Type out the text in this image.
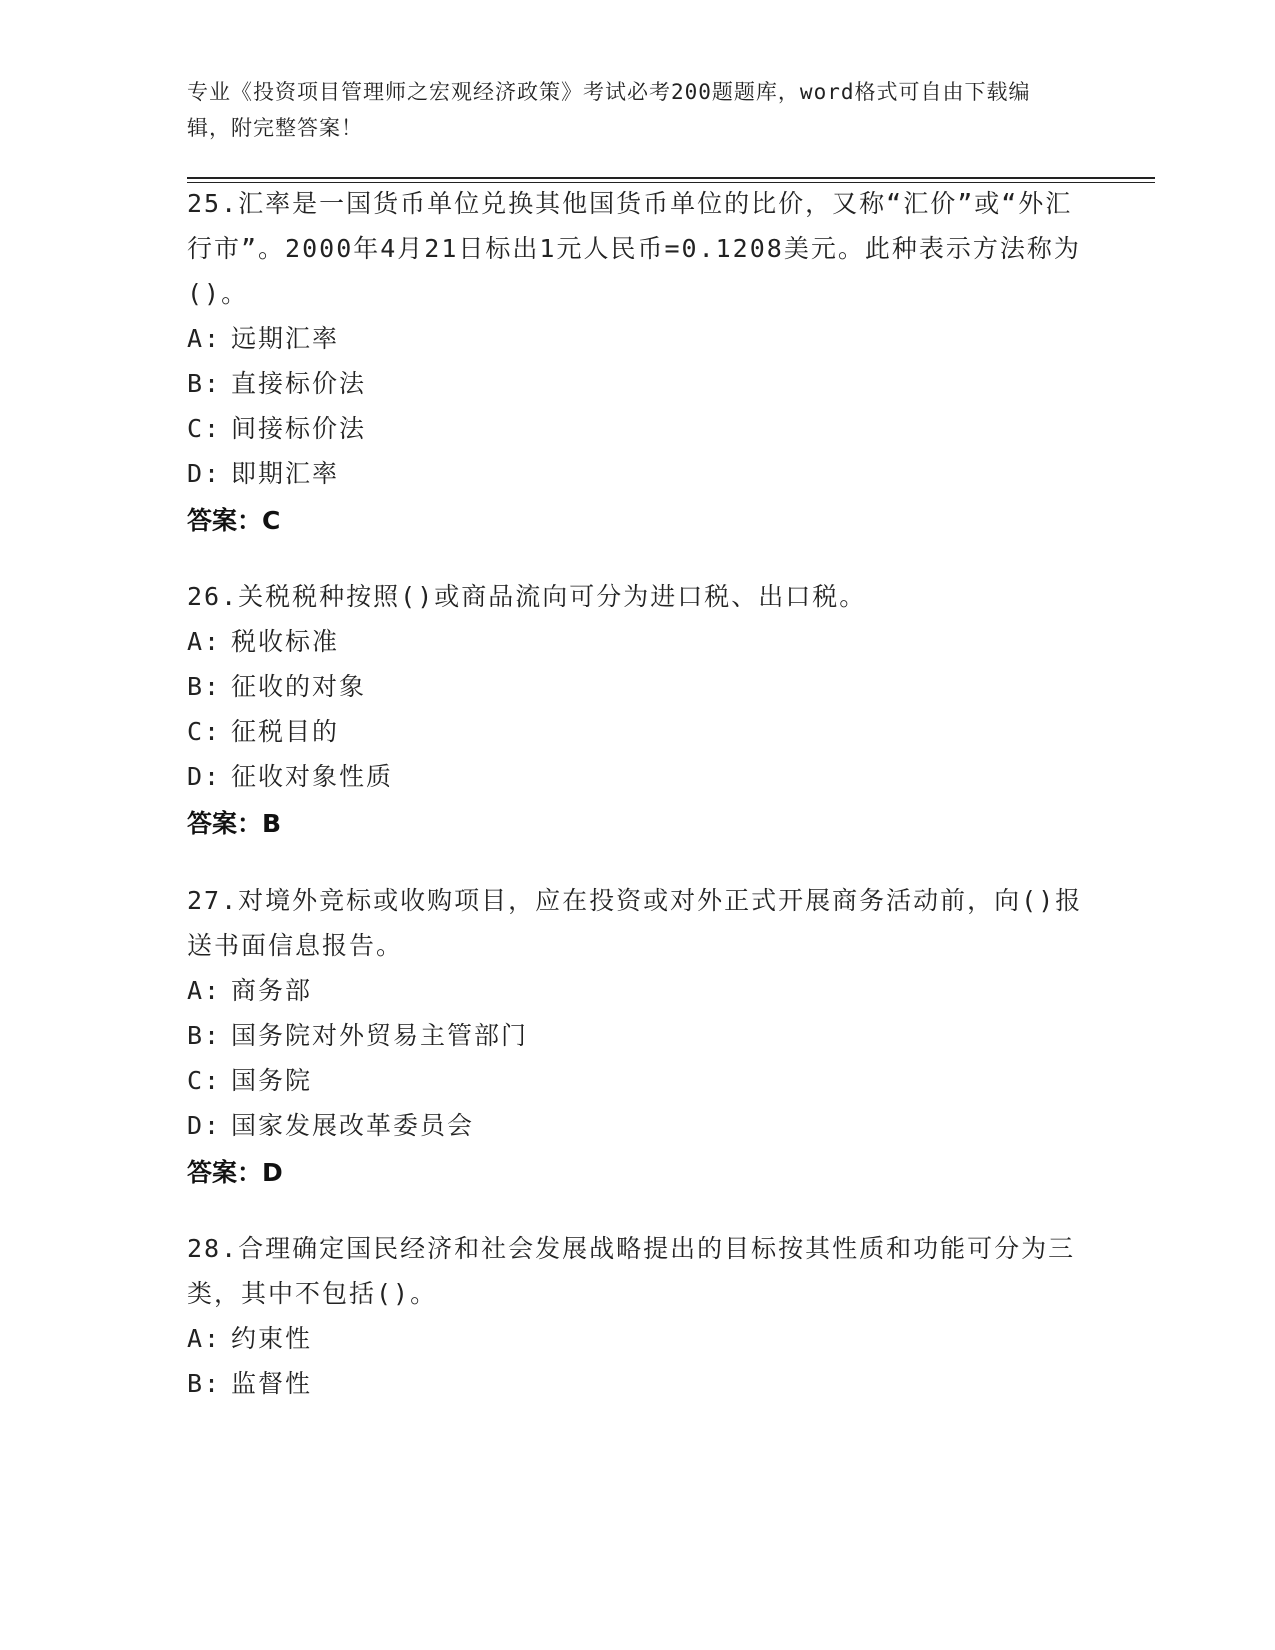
专业《投资项目管理师之宏观经济政策》考试必考200题题库，word格式可自由下载编辑，附完整答案！

25.汇率是一国货币单位兑换其他国货币单位的比价，又称“汇价”或“外汇行市”。2000年4月21日标出1元人民币=0.1208美元。此种表示方法称为()。

A: 远期汇率

B: 直接标价法

C: 间接标价法

D: 即期汇率

答案：C

26.关税税种按照()或商品流向可分为进口税、出口税。

A: 税收标准

B: 征收的对象

C: 征税目的

D: 征收对象性质

答案：B

27.对境外竞标或收购项目，应在投资或对外正式开展商务活动前，向()报送书面信息报告。

A: 商务部

B: 国务院对外贸易主管部门

C: 国务院

D: 国家发展改革委员会

答案：D

28.合理确定国民经济和社会发展战略提出的目标按其性质和功能可分为三类，其中不包括()。

A: 约束性

B: 监督性
